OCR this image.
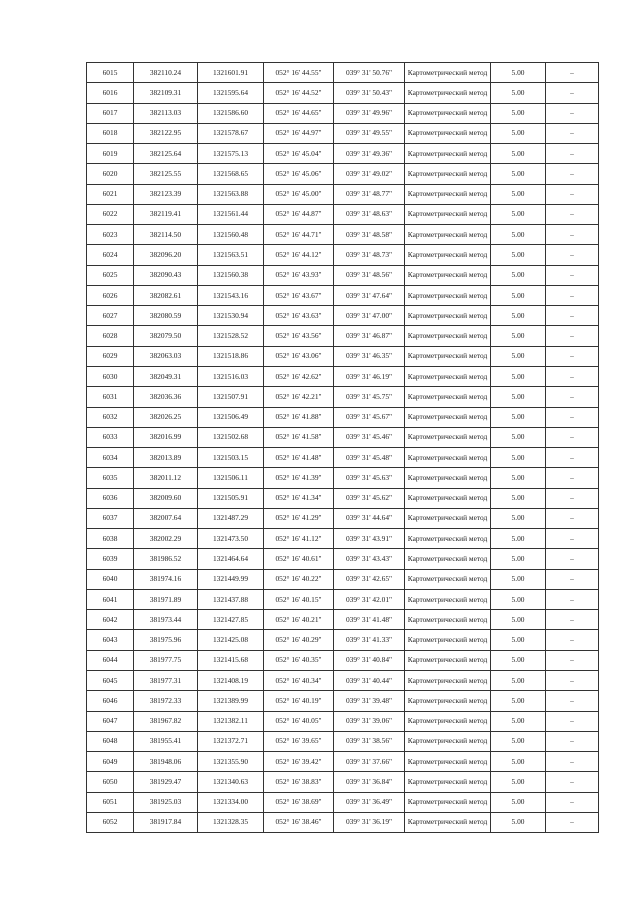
6015	382110.24	1321601.91	052° 16' 44.55"	039° 31' 50.76"	Картометрический метод	5.00	–
6016	382109.31	1321595.64	052° 16' 44.52"	039° 31' 50.43"	Картометрический метод	5.00	–
6017	382113.03	1321586.60	052° 16' 44.65"	039° 31' 49.96"	Картометрический метод	5.00	–
6018	382122.95	1321578.67	052° 16' 44.97"	039° 31' 49.55"	Картометрический метод	5.00	–
6019	382125.64	1321575.13	052° 16' 45.04"	039° 31' 49.36"	Картометрический метод	5.00	–
6020	382125.55	1321568.65	052° 16' 45.06"	039° 31' 49.02"	Картометрический метод	5.00	–
6021	382123.39	1321563.88	052° 16' 45.00"	039° 31' 48.77"	Картометрический метод	5.00	–
6022	382119.41	1321561.44	052° 16' 44.87"	039° 31' 48.63"	Картометрический метод	5.00	–
6023	382114.50	1321560.48	052° 16' 44.71"	039° 31' 48.58"	Картометрический метод	5.00	–
6024	382096.20	1321563.51	052° 16' 44.12"	039° 31' 48.73"	Картометрический метод	5.00	–
6025	382090.43	1321560.38	052° 16' 43.93"	039° 31' 48.56"	Картометрический метод	5.00	–
6026	382082.61	1321543.16	052° 16' 43.67"	039° 31' 47.64"	Картометрический метод	5.00	–
6027	382080.59	1321530.94	052° 16' 43.63"	039° 31' 47.00"	Картометрический метод	5.00	–
6028	382079.50	1321528.52	052° 16' 43.56"	039° 31' 46.87"	Картометрический метод	5.00	–
6029	382063.03	1321518.86	052° 16' 43.06"	039° 31' 46.35"	Картометрический метод	5.00	–
6030	382049.31	1321516.03	052° 16' 42.62"	039° 31' 46.19"	Картометрический метод	5.00	–
6031	382036.36	1321507.91	052° 16' 42.21"	039° 31' 45.75"	Картометрический метод	5.00	–
6032	382026.25	1321506.49	052° 16' 41.88"	039° 31' 45.67"	Картометрический метод	5.00	–
6033	382016.99	1321502.68	052° 16' 41.58"	039° 31' 45.46"	Картометрический метод	5.00	–
6034	382013.89	1321503.15	052° 16' 41.48"	039° 31' 45.48"	Картометрический метод	5.00	–
6035	382011.12	1321506.11	052° 16' 41.39"	039° 31' 45.63"	Картометрический метод	5.00	–
6036	382009.60	1321505.91	052° 16' 41.34"	039° 31' 45.62"	Картометрический метод	5.00	–
6037	382007.64	1321487.29	052° 16' 41.29"	039° 31' 44.64"	Картометрический метод	5.00	–
6038	382002.29	1321473.50	052° 16' 41.12"	039° 31' 43.91"	Картометрический метод	5.00	–
6039	381986.52	1321464.64	052° 16' 40.61"	039° 31' 43.43"	Картометрический метод	5.00	–
6040	381974.16	1321449.99	052° 16' 40.22"	039° 31' 42.65"	Картометрический метод	5.00	–
6041	381971.89	1321437.88	052° 16' 40.15"	039° 31' 42.01"	Картометрический метод	5.00	–
6042	381973.44	1321427.85	052° 16' 40.21"	039° 31' 41.48"	Картометрический метод	5.00	–
6043	381975.96	1321425.08	052° 16' 40.29"	039° 31' 41.33"	Картометрический метод	5.00	–
6044	381977.75	1321415.68	052° 16' 40.35"	039° 31' 40.84"	Картометрический метод	5.00	–
6045	381977.31	1321408.19	052° 16' 40.34"	039° 31' 40.44"	Картометрический метод	5.00	–
6046	381972.33	1321389.99	052° 16' 40.19"	039° 31' 39.48"	Картометрический метод	5.00	–
6047	381967.82	1321382.11	052° 16' 40.05"	039° 31' 39.06"	Картометрический метод	5.00	–
6048	381955.41	1321372.71	052° 16' 39.65"	039° 31' 38.56"	Картометрический метод	5.00	–
6049	381948.06	1321355.90	052° 16' 39.42"	039° 31' 37.66"	Картометрический метод	5.00	–
6050	381929.47	1321340.63	052° 16' 38.83"	039° 31' 36.84"	Картометрический метод	5.00	–
6051	381925.03	1321334.00	052° 16' 38.69"	039° 31' 36.49"	Картометрический метод	5.00	–
6052	381917.84	1321328.35	052° 16' 38.46"	039° 31' 36.19"	Картометрический метод	5.00	–
